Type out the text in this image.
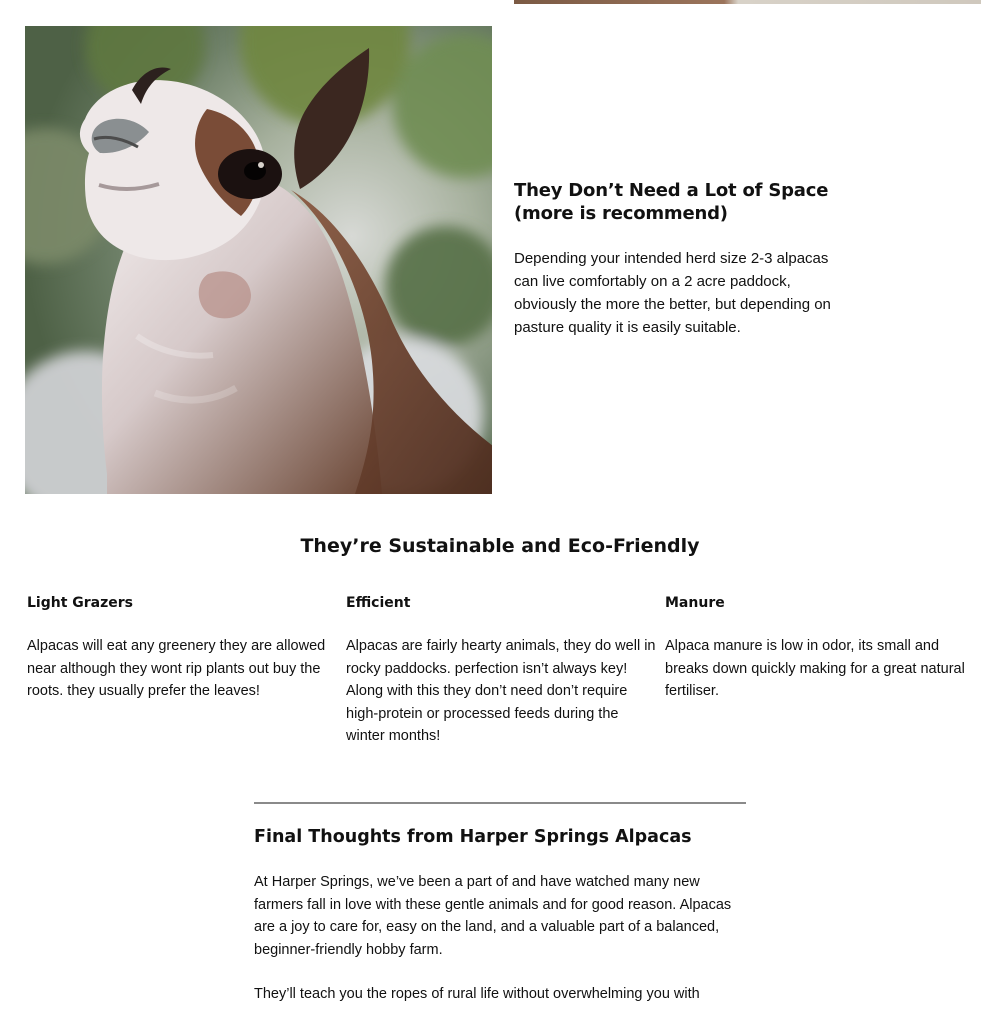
They Don’t Need a Lot of Space (more is recommend)

Depending your intended herd size 2-3 alpacas can live comfortably on a 2 acre paddock, obviously the more the better, but depending on pasture quality it is easily suitable.

They’re Sustainable and Eco-Friendly
Light Grazers

Alpacas will eat any greenery they are allowed near although they wont rip plants out buy the roots. they usually prefer the leaves!

Efficient

Alpacas are fairly hearty animals, they do well in rocky paddocks. perfection isn’t always key! Along with this they don’t need don’t require high-protein or processed feeds during the winter months!

Manure

Alpaca manure is low in odor, its small and breaks down quickly making for a great natural fertiliser.

Final Thoughts from Harper Springs Alpacas

At Harper Springs, we’ve been a part of and have watched many new farmers fall in love with these gentle animals and for good reason. Alpacas are a joy to care for, easy on the land, and a valuable part of a balanced, beginner-friendly hobby farm.

They’ll teach you the ropes of rural life without overwhelming you with
